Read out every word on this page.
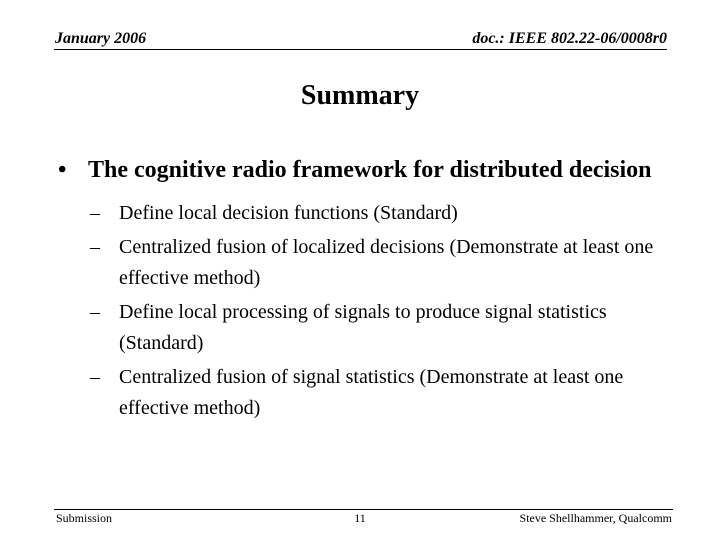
January 2006	doc.: IEEE 802.22-06/0008r0
Summary
• The cognitive radio framework for distributed decision
– Define local decision functions (Standard)
– Centralized fusion of localized decisions (Demonstrate at least one effective method)
– Define local processing of signals to produce signal statistics (Standard)
– Centralized fusion of signal statistics (Demonstrate at least one effective method)
Submission	11	Steve Shellhammer, Qualcomm
